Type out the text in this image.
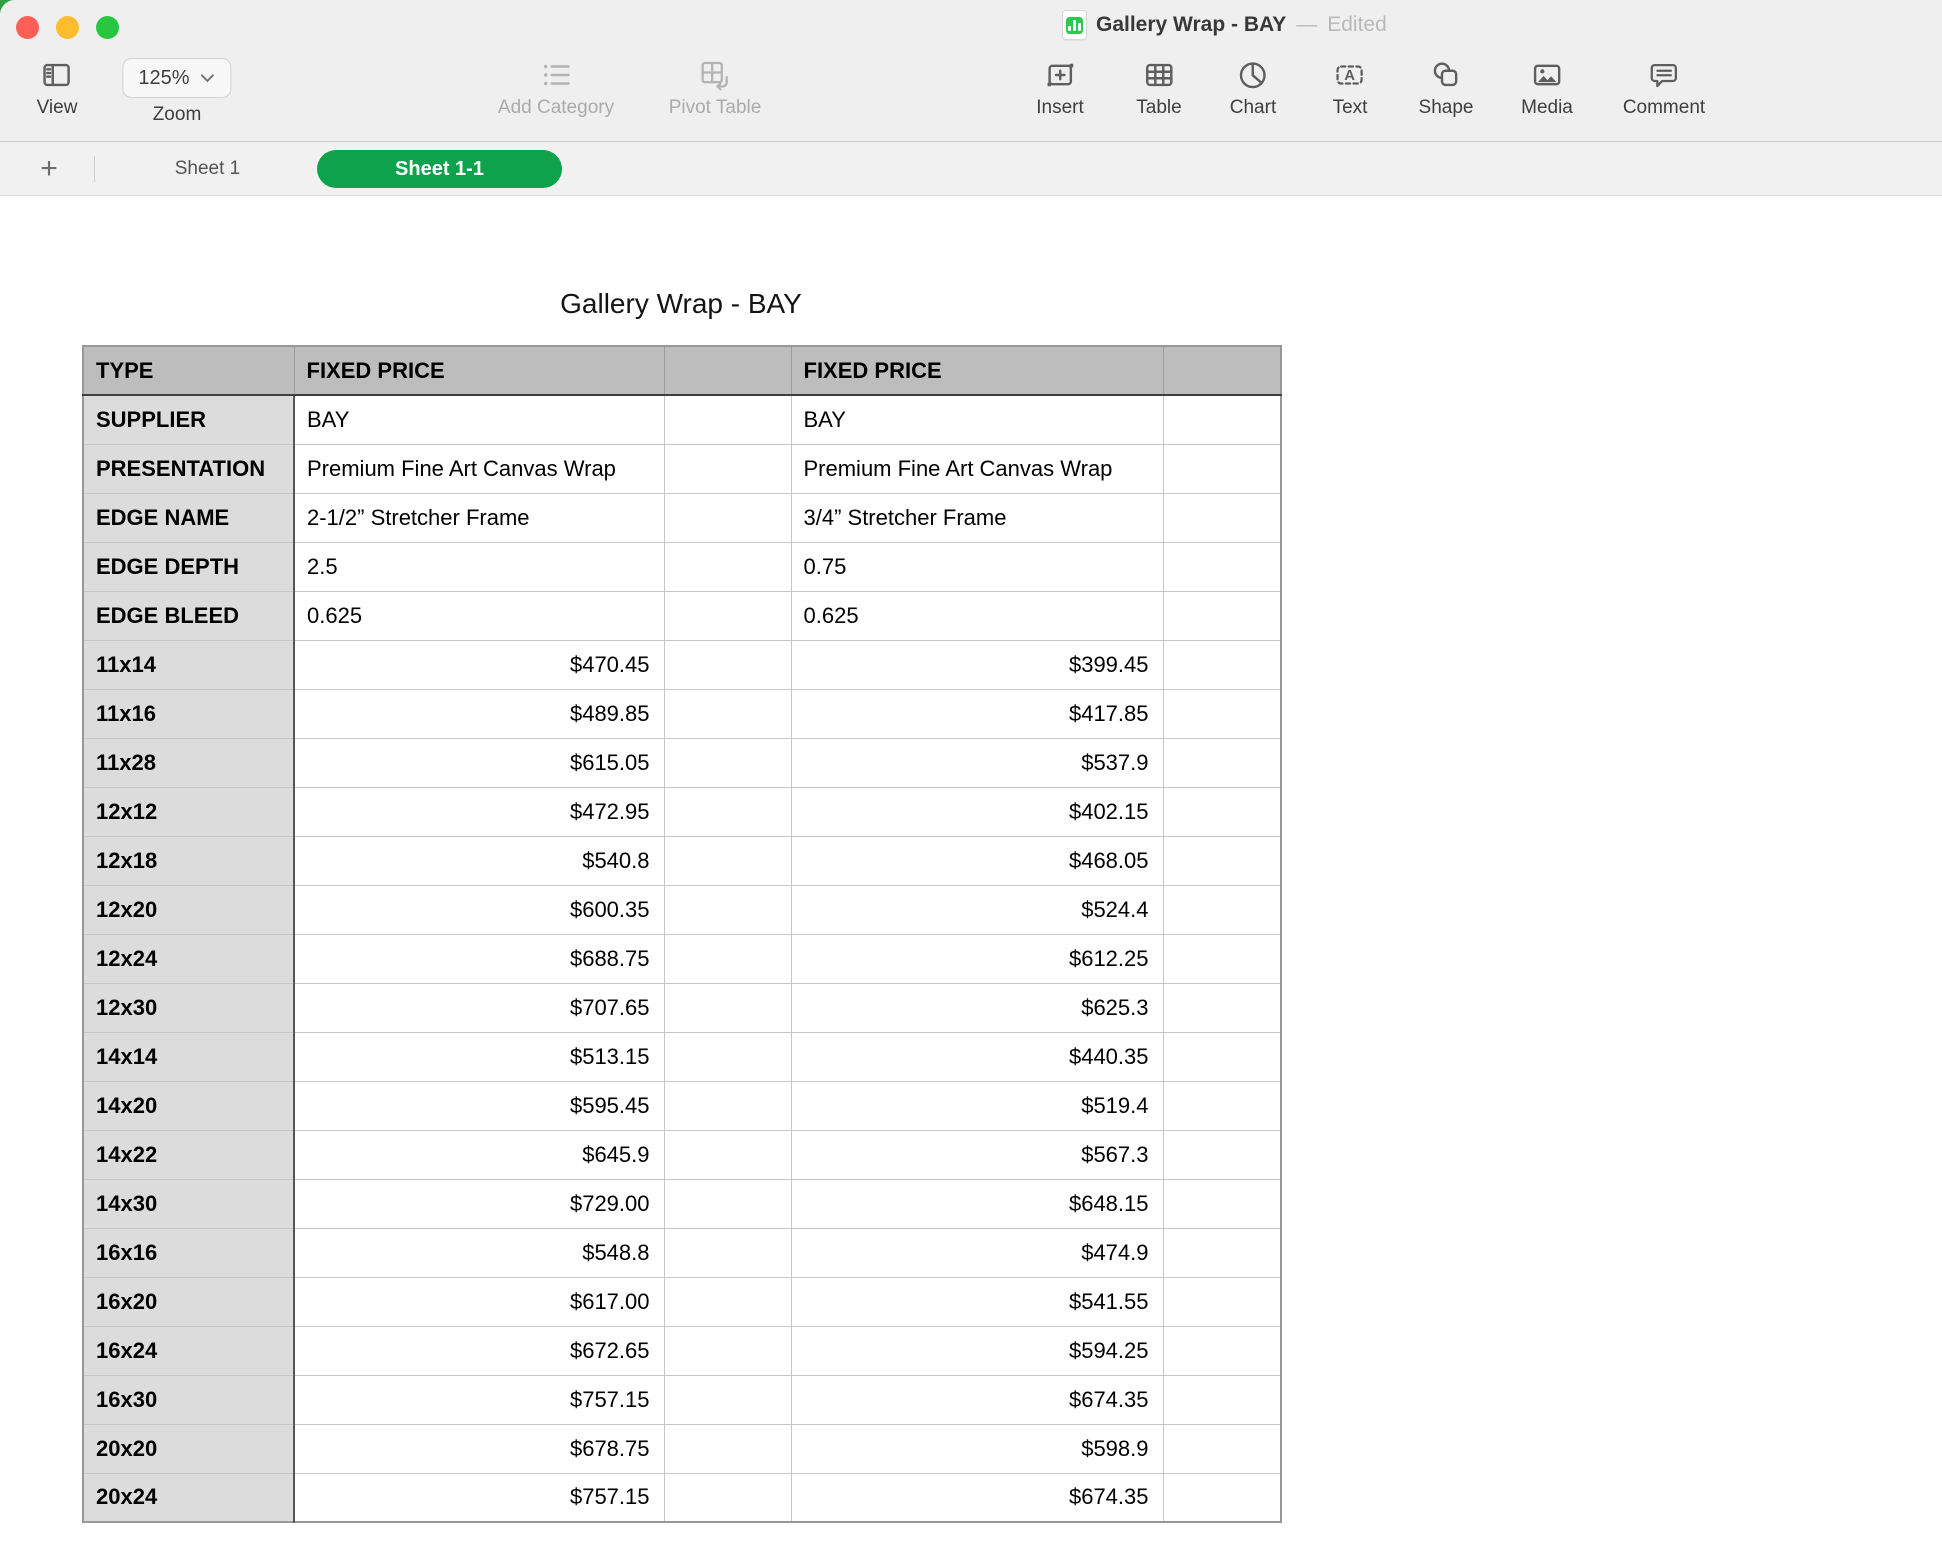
Gallery Wrap - BAY — Edited
View
125%
Zoom	Add Category	Pivot Table	Insert	Table	Chart
A
Text	Shape	Media	Comment
+	Sheet 1	Sheet 1-1
Gallery Wrap - BAY
TYPE	FIXED PRICE		FIXED PRICE	
SUPPLIER	BAY		BAY	
PRESENTATION	Premium Fine Art Canvas Wrap		Premium Fine Art Canvas Wrap	
EDGE NAME	2-1/2” Stretcher Frame		3/4” Stretcher Frame	
EDGE DEPTH	2.5		0.75	
EDGE BLEED	0.625		0.625	
11x14	$470.45		$399.45	
11x16	$489.85		$417.85	
11x28	$615.05		$537.9	
12x12	$472.95		$402.15	
12x18	$540.8		$468.05	
12x20	$600.35		$524.4	
12x24	$688.75		$612.25	
12x30	$707.65		$625.3	
14x14	$513.15		$440.35	
14x20	$595.45		$519.4	
14x22	$645.9		$567.3	
14x30	$729.00		$648.15	
16x16	$548.8		$474.9	
16x20	$617.00		$541.55	
16x24	$672.65		$594.25	
16x30	$757.15		$674.35	
20x20	$678.75		$598.9	
20x24	$757.15		$674.35	
